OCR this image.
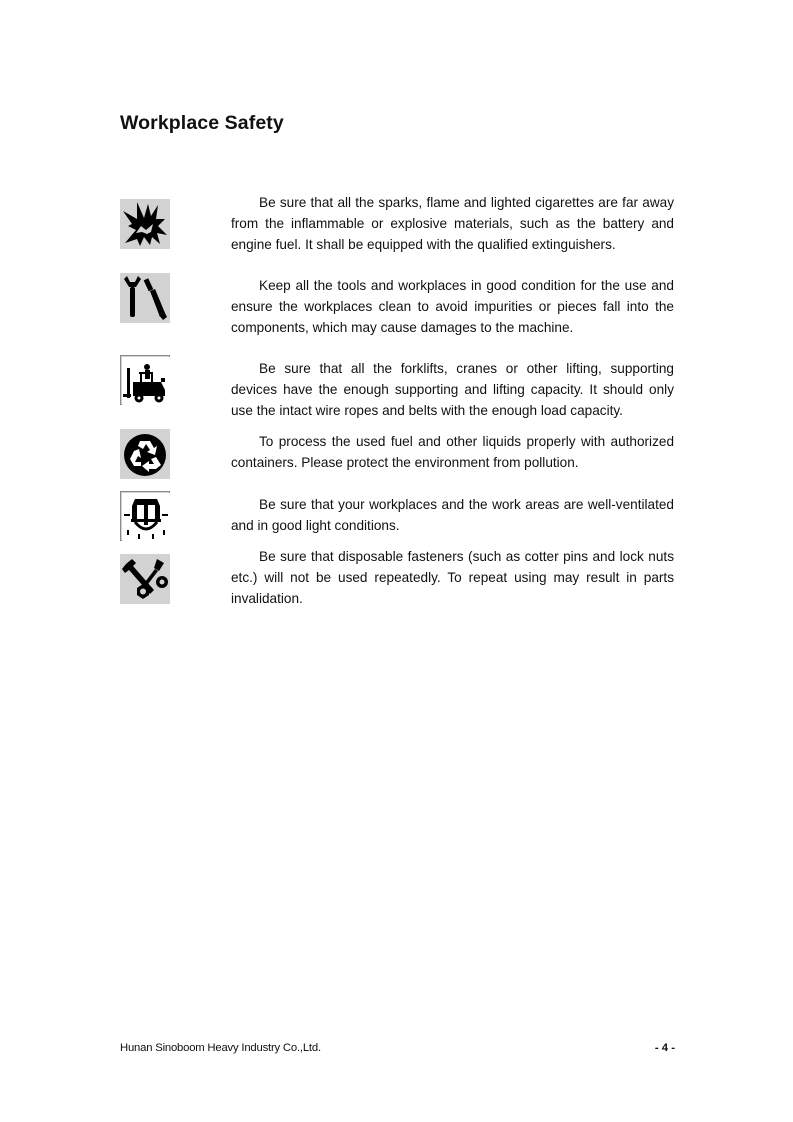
Workplace Safety

Be sure that all the sparks, flame and lighted cigarettes are far away from the inflammable or explosive materials, such as the battery and engine fuel. It shall be equipped with the qualified extinguishers.

Keep all the tools and workplaces in good condition for the use and ensure the workplaces clean to avoid impurities or pieces fall into the components, which may cause damages to the machine.

Be sure that all the forklifts, cranes or other lifting, supporting devices have the enough supporting and lifting capacity. It should only use the intact wire ropes and belts with the enough load capacity.

To process the used fuel and other liquids properly with authorized containers. Please protect the environment from pollution.

Be sure that your workplaces and the work areas are well-ventilated and in good light conditions.

Be sure that disposable fasteners (such as cotter pins and lock nuts etc.) will not be used repeatedly. To repeat using may result in parts invalidation.

Hunan Sinoboom Heavy Industry Co.,Ltd.	- 4 -
